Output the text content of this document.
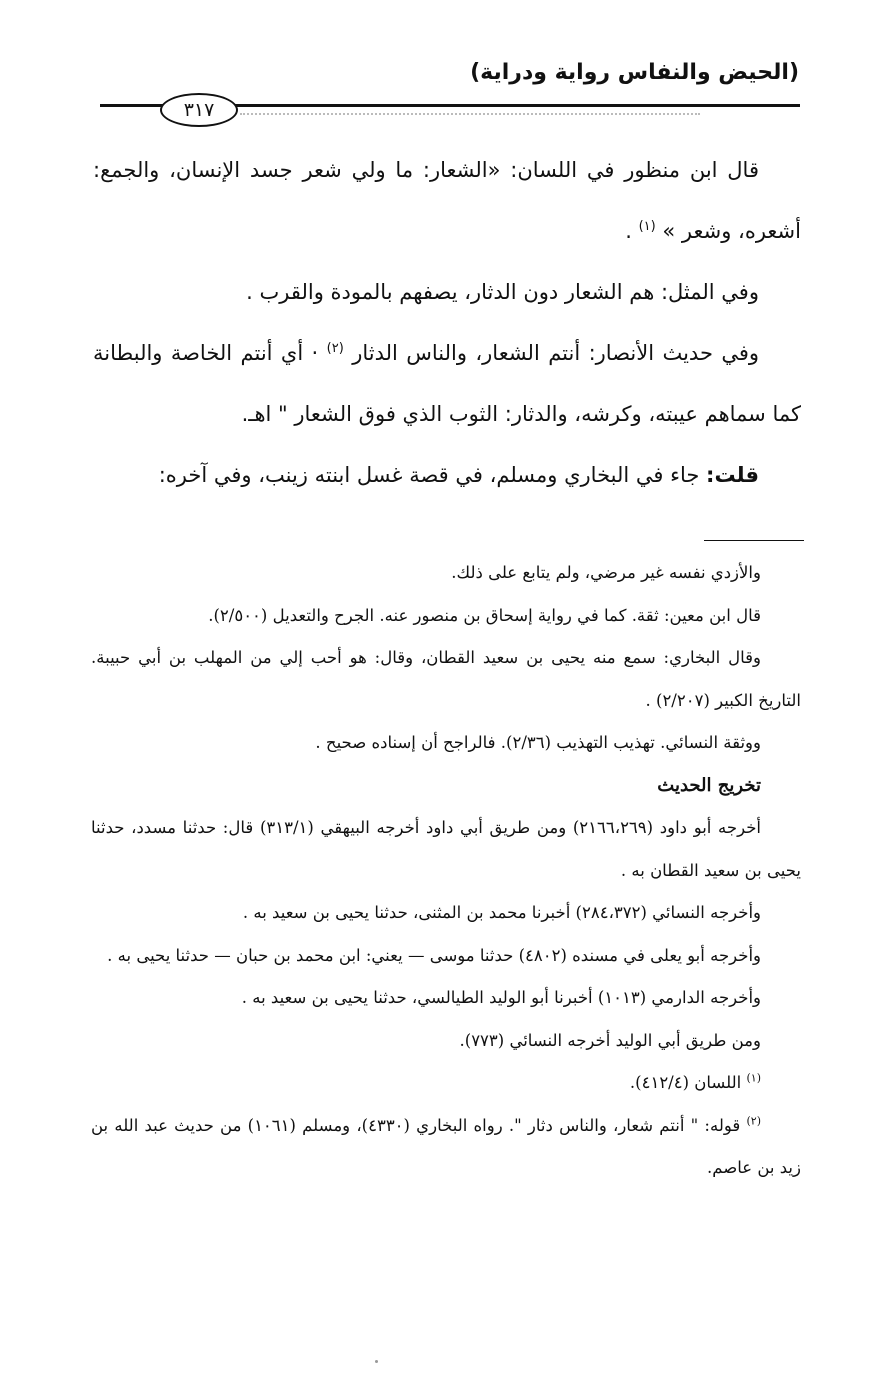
(الحيض والنفاس رواية ودراية)
٣١٧

قال ابن منظور في اللسان: «الشعار: ما ولي شعر جسد الإنسان، والجمع: أشعره، وشعر » $^{(١)}$ .

وفي المثل: هم الشعار دون الدثار، يصفهم بالمودة والقرب .

وفي حديث الأنصار: أنتم الشعار، والناس الدثار $^{(٢)}$ · أي أنتم الخاصة والبطانة كما سماهم عيبته، وكرشه، والدثار: الثوب الذي فوق الشعار " اهـ.

قلت: جاء في البخاري ومسلم، في قصة غسل ابنته زينب، وفي آخره:

والأزدي نفسه غير مرضي، ولم يتابع على ذلك.

قال ابن معين: ثقة. كما في رواية إسحاق بن منصور عنه. الجرح والتعديل (٢/٥٠٠).

وقال البخاري: سمع منه يحيى بن سعيد القطان، وقال: هو أحب إلي من المهلب بن أبي حبيبة. التاريخ الكبير (٢/٢٠٧) .

ووثقة النسائي. تهذيب التهذيب (٢/٣٦). فالراجح أن إسناده صحيح .

تخريج الحديث

أخرجه أبو داود (٢١٦٦،٢٦٩) ومن طريق أبي داود أخرجه البيهقي (٣١٣/١) قال: حدثنا مسدد، حدثنا يحيى بن سعيد القطان به .

وأخرجه النسائي (٢٨٤،٣٧٢) أخبرنا محمد بن المثنى، حدثنا يحيى بن سعيد به .

وأخرجه أبو يعلى في مسنده (٤٨٠٢) حدثنا موسى — يعني: ابن محمد بن حبان — حدثنا يحيى به .

وأخرجه الدارمي (١٠١٣) أخبرنا أبو الوليد الطيالسي، حدثنا يحيى بن سعيد به .

ومن طريق أبي الوليد أخرجه النسائي (٧٧٣).

$^{(١)}$ اللسان (٤١٢/٤).

$^{(٢)}$ قوله: " أنتم شعار، والناس دثار ". رواه البخاري (٤٣٣٠)، ومسلم (١٠٦١) من حديث عبد الله بن زيد بن عاصم.
